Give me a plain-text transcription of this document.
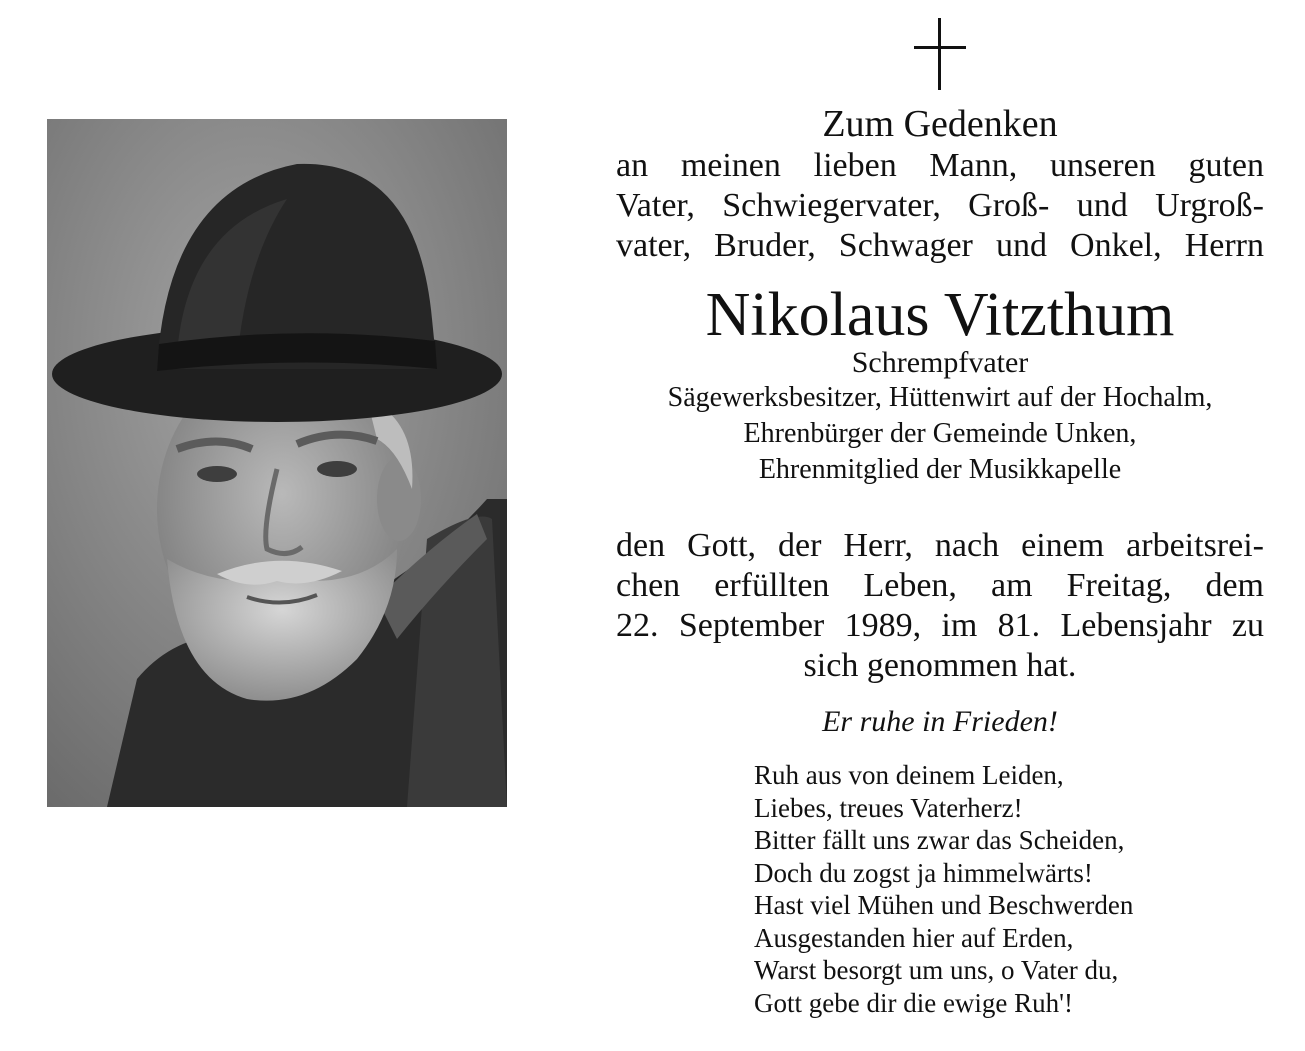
Zum Gedenken
an meinen lieben Mann, unseren guten
Vater, Schwiegervater, Groß- und Urgroß-
vater, Bruder, Schwager und Onkel, Herrn
Nikolaus Vitzthum
Schrempfvater
Sägewerksbesitzer, Hüttenwirt auf der Hochalm,
Ehrenbürger der Gemeinde Unken,
Ehrenmitglied der Musikkapelle
den Gott, der Herr, nach einem arbeitsrei-
chen erfüllten Leben, am Freitag, dem
22. September 1989, im 81. Lebensjahr zu
sich genommen hat.
Er ruhe in Frieden!
Ruh aus von deinem Leiden,
Liebes, treues Vaterherz!
Bitter fällt uns zwar das Scheiden,
Doch du zogst ja himmelwärts!
Hast viel Mühen und Beschwerden
Ausgestanden hier auf Erden,
Warst besorgt um uns, o Vater du,
Gott gebe dir die ewige Ruh'!
